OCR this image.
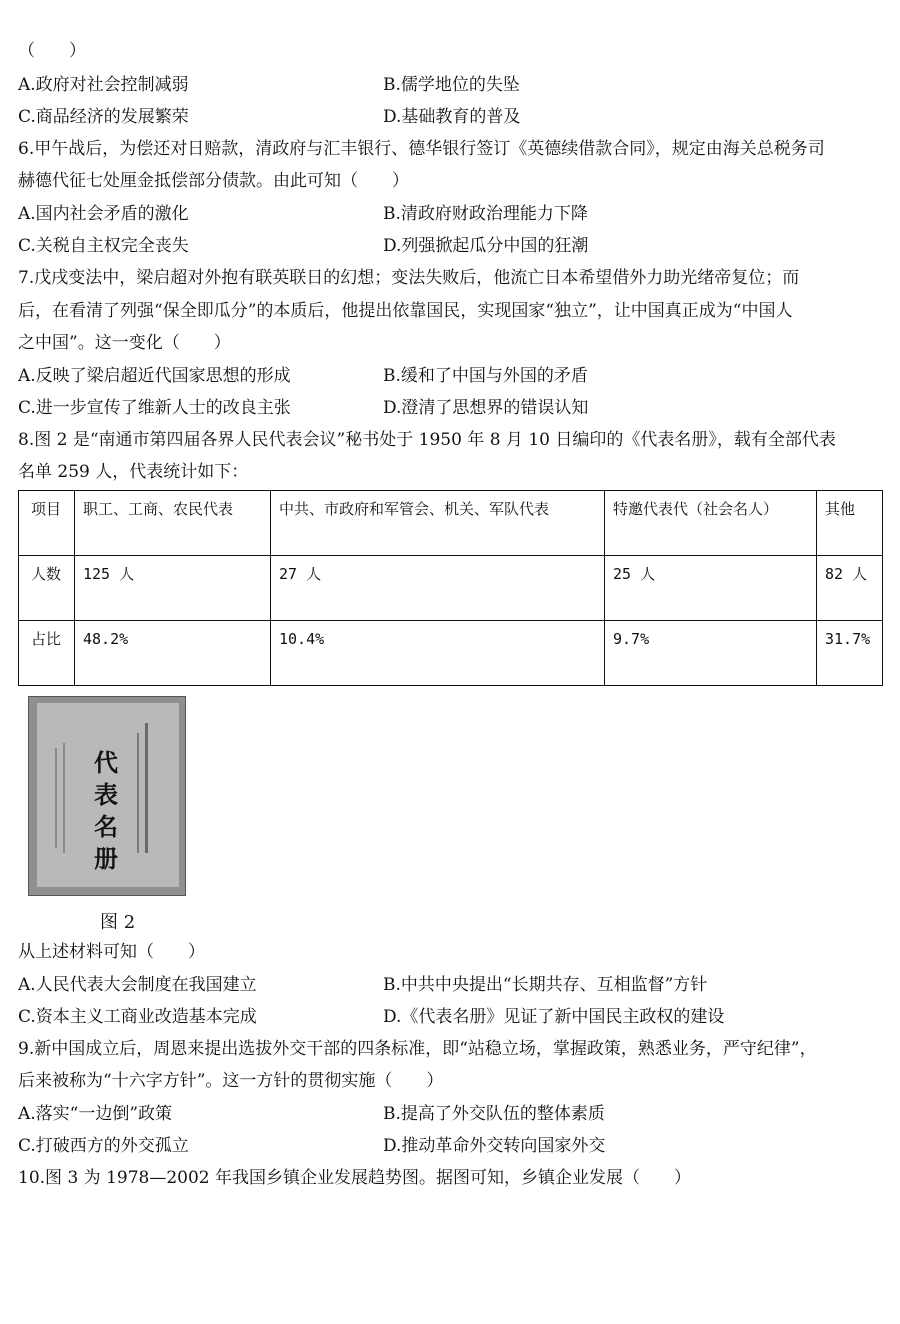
（　　）
A.政府对社会控制减弱	B.儒学地位的失坠
C.商品经济的发展繁荣	D.基础教育的普及
6.甲午战后，为偿还对日赔款，清政府与汇丰银行、德华银行签订《英德续借款合同》，规定由海关总税务司
赫德代征七处厘金抵偿部分债款。由此可知（　　）
A.国内社会矛盾的激化	B.清政府财政治理能力下降
C.关税自主权完全丧失	D.列强掀起瓜分中国的狂潮
7.戊戌变法中，梁启超对外抱有联英联日的幻想；变法失败后，他流亡日本希望借外力助光绪帝复位；而
后，在看清了列强“保全即瓜分”的本质后，他提出依靠国民，实现国家“独立”，让中国真正成为“中国人
之中国”。这一变化（　　）
A.反映了梁启超近代国家思想的形成	B.缓和了中国与外国的矛盾
C.进一步宣传了维新人士的改良主张	D.澄清了思想界的错误认知
8.图 2 是“南通市第四届各界人民代表会议”秘书处于 1950 年 8 月 10 日编印的《代表名册》，载有全部代表
名单 259 人，代表统计如下：
项目	职工、工商、农民代表	中共、市政府和军管会、机关、军队代表	特邀代表代（社会名人）	其他
人数	125 人	27 人	25 人	82 人
占比	48.2%	10.4%	9.7%	31.7%
代表名册
图 2
从上述材料可知（　　）
A.人民代表大会制度在我国建立	B.中共中央提出“长期共存、互相监督”方针
C.资本主义工商业改造基本完成	D.《代表名册》见证了新中国民主政权的建设
9.新中国成立后，周恩来提出选拔外交干部的四条标准，即“站稳立场，掌握政策，熟悉业务，严守纪律”，
后来被称为“十六字方针”。这一方针的贯彻实施（　　）
A.落实“一边倒”政策	B.提高了外交队伍的整体素质
C.打破西方的外交孤立	D.推动革命外交转向国家外交
10.图 3 为 1978—2002 年我国乡镇企业发展趋势图。据图可知，乡镇企业发展（　　）
